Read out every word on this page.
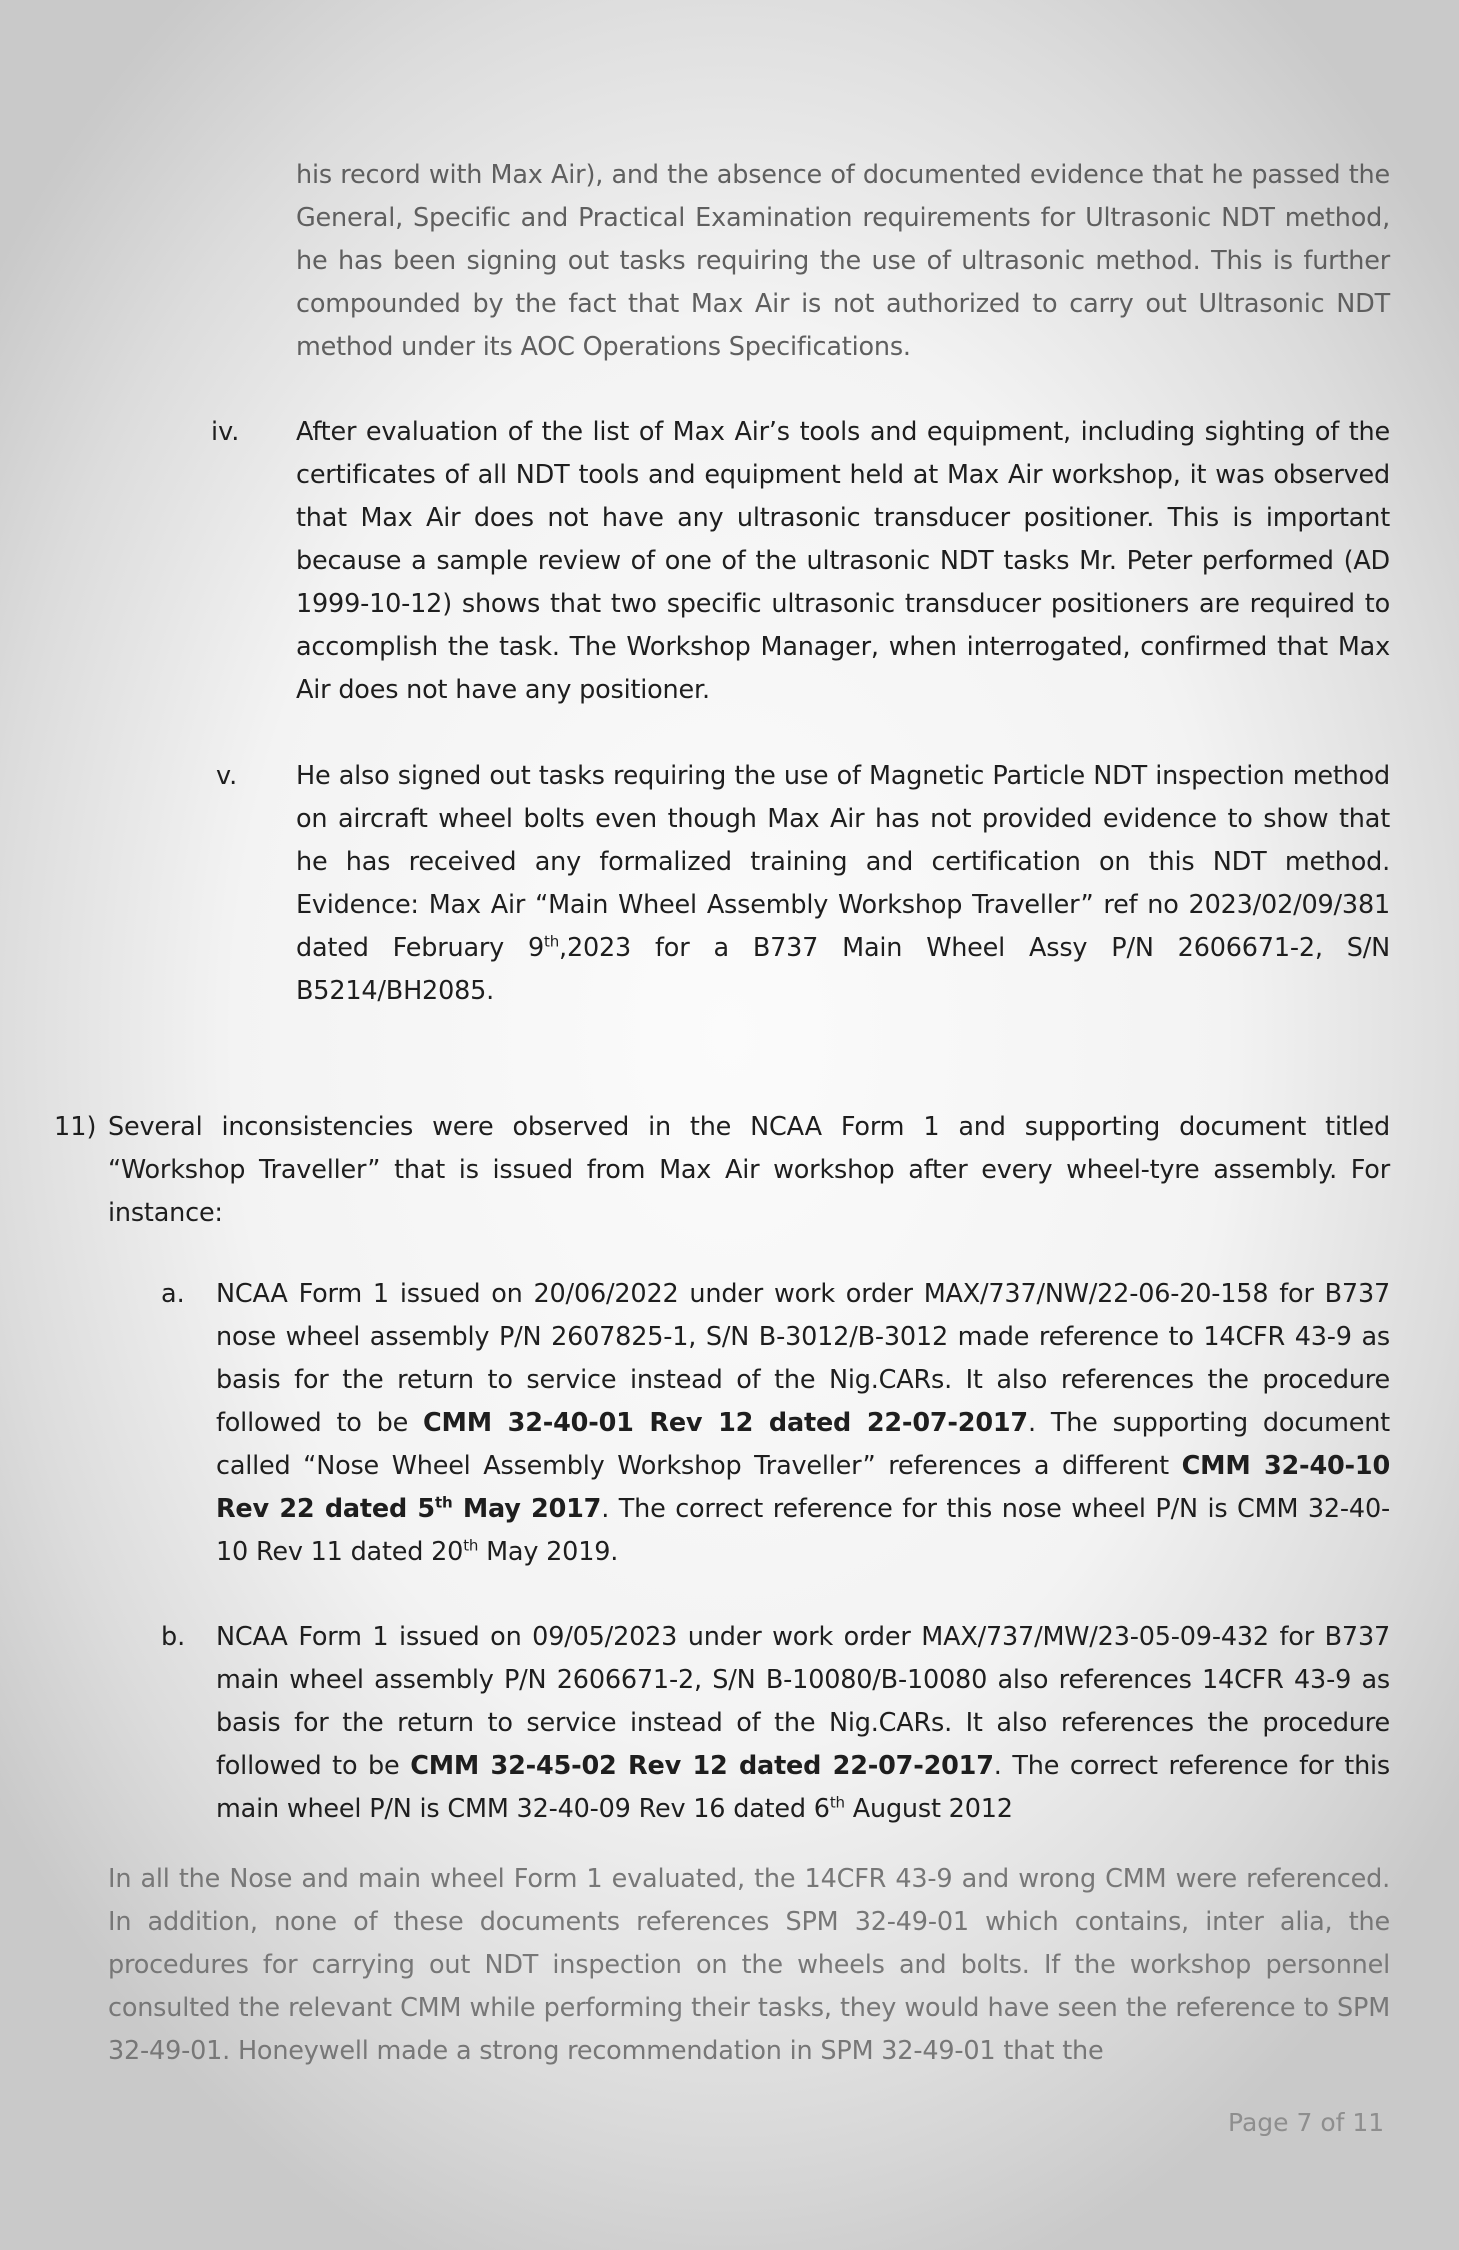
his record with Max Air), and the absence of documented evidence that he passed the General, Specific and Practical Examination requirements for Ultrasonic NDT method, he has been signing out tasks requiring the use of ultrasonic method. This is further compounded by the fact that Max Air is not authorized to carry out Ultrasonic NDT method under its AOC Operations Specifications.

iv. After evaluation of the list of Max Air’s tools and equipment, including sighting of the certificates of all NDT tools and equipment held at Max Air workshop, it was observed that Max Air does not have any ultrasonic transducer positioner. This is important because a sample review of one of the ultrasonic NDT tasks Mr. Peter performed (AD 1999-10-12) shows that two specific ultrasonic transducer positioners are required to accomplish the task. The Workshop Manager, when interrogated, confirmed that Max Air does not have any positioner.

v. He also signed out tasks requiring the use of Magnetic Particle NDT inspection method on aircraft wheel bolts even though Max Air has not provided evidence to show that he has received any formalized training and certification on this NDT method. Evidence: Max Air “Main Wheel Assembly Workshop Traveller” ref no 2023/02/09/381 dated February 9th,2023 for a B737 Main Wheel Assy P/N 2606671-2, S/N B5214/BH2085.

11) Several inconsistencies were observed in the NCAA Form 1 and supporting document titled “Workshop Traveller” that is issued from Max Air workshop after every wheel-tyre assembly. For instance:

a. NCAA Form 1 issued on 20/06/2022 under work order MAX/737/NW/22-06-20-158 for B737 nose wheel assembly P/N 2607825-1, S/N B-3012/B-3012 made reference to 14CFR 43-9 as basis for the return to service instead of the Nig.CARs. It also references the procedure followed to be CMM 32-40-01 Rev 12 dated 22-07-2017. The supporting document called “Nose Wheel Assembly Workshop Traveller” references a different CMM 32-40-10 Rev 22 dated 5th May 2017. The correct reference for this nose wheel P/N is CMM 32-40-10 Rev 11 dated 20th May 2019.

b. NCAA Form 1 issued on 09/05/2023 under work order MAX/737/MW/23-05-09-432 for B737 main wheel assembly P/N 2606671-2, S/N B-10080/B-10080 also references 14CFR 43-9 as basis for the return to service instead of the Nig.CARs. It also references the procedure followed to be CMM 32-45-02 Rev 12 dated 22-07-2017. The correct reference for this main wheel P/N is CMM 32-40-09 Rev 16 dated 6th August 2012

In all the Nose and main wheel Form 1 evaluated, the 14CFR 43-9 and wrong CMM were referenced. In addition, none of these documents references SPM 32-49-01 which contains, inter alia, the procedures for carrying out NDT inspection on the wheels and bolts. If the workshop personnel consulted the relevant CMM while performing their tasks, they would have seen the reference to SPM 32-49-01. Honeywell made a strong recommendation in SPM 32-49-01 that the

Page 7 of 11
